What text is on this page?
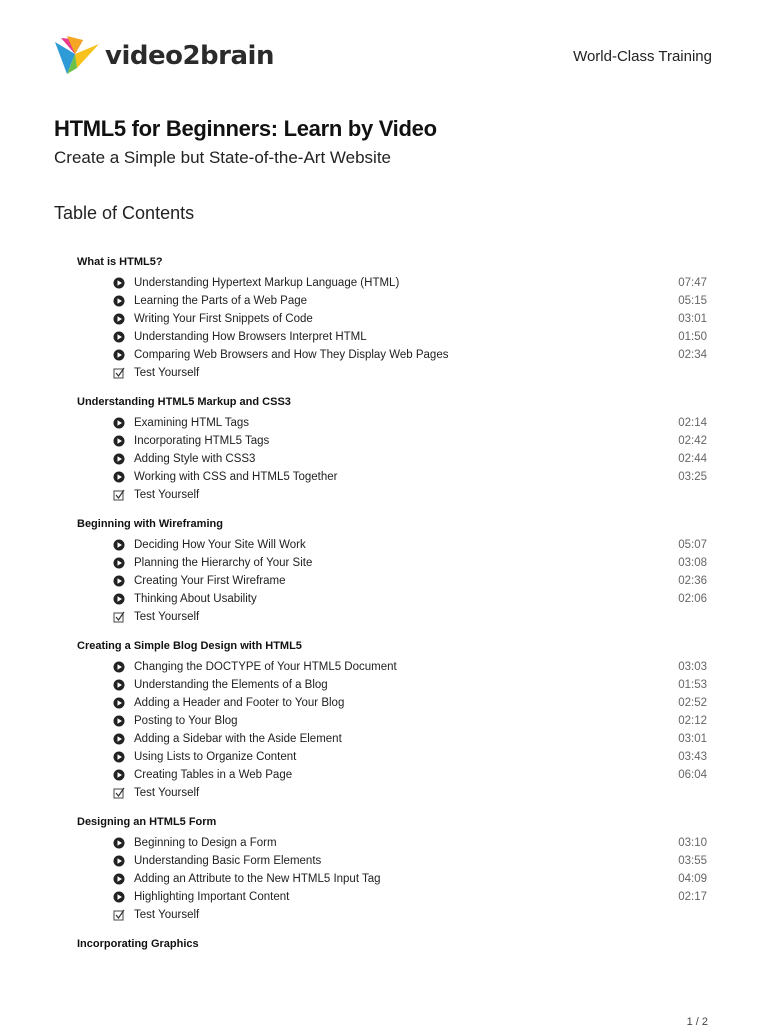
video2brain	World-Class Training
HTML5 for Beginners: Learn by Video
Create a Simple but State-of-the-Art Website
Table of Contents
What is HTML5?
Understanding Hypertext Markup Language (HTML)	07:47
Learning the Parts of a Web Page	05:15
Writing Your First Snippets of Code	03:01
Understanding How Browsers Interpret HTML	01:50
Comparing Web Browsers and How They Display Web Pages	02:34
Test Yourself
Understanding HTML5 Markup and CSS3
Examining HTML Tags	02:14
Incorporating HTML5 Tags	02:42
Adding Style with CSS3	02:44
Working with CSS and HTML5 Together	03:25
Test Yourself
Beginning with Wireframing
Deciding How Your Site Will Work	05:07
Planning the Hierarchy of Your Site	03:08
Creating Your First Wireframe	02:36
Thinking About Usability	02:06
Test Yourself
Creating a Simple Blog Design with HTML5
Changing the DOCTYPE of Your HTML5 Document	03:03
Understanding the Elements of a Blog	01:53
Adding a Header and Footer to Your Blog	02:52
Posting to Your Blog	02:12
Adding a Sidebar with the Aside Element	03:01
Using Lists to Organize Content	03:43
Creating Tables in a Web Page	06:04
Test Yourself
Designing an HTML5 Form
Beginning to Design a Form	03:10
Understanding Basic Form Elements	03:55
Adding an Attribute to the New HTML5 Input Tag	04:09
Highlighting Important Content	02:17
Test Yourself
Incorporating Graphics
1 / 2
